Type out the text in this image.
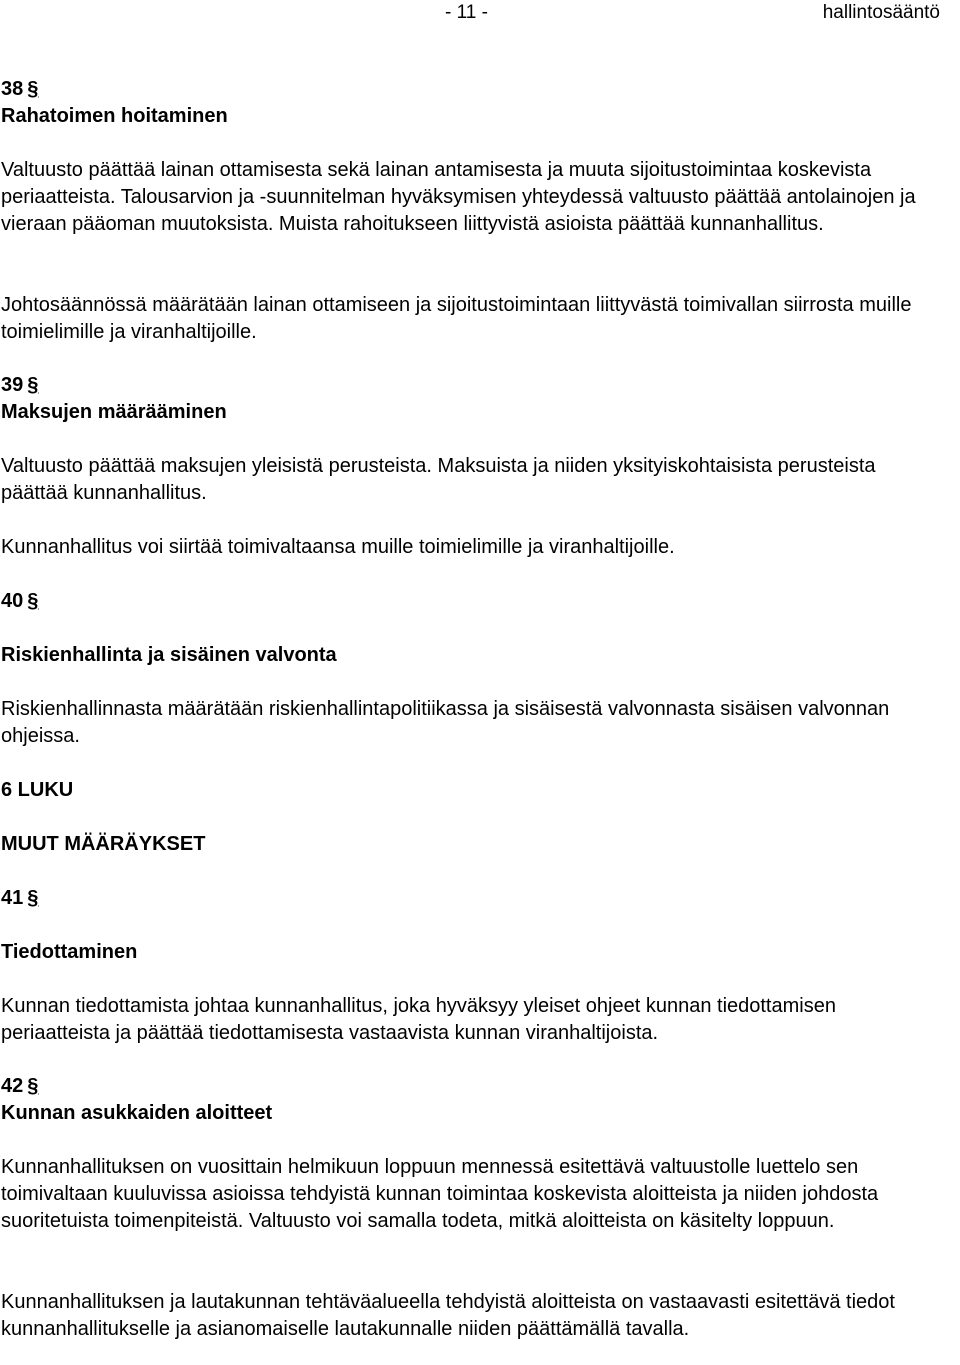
- 11 -	hallintosääntö
38 §
Rahatoimen hoitaminen

Valtuusto päättää lainan ottamisesta sekä lainan antamisesta ja muuta sijoitustoimintaa koskevista periaatteista. Talousarvion ja -suunnitelman hyväksymisen yhteydessä valtuusto päättää antolainojen ja vieraan pääoman muutoksista. Muista rahoitukseen liittyvistä asioista päättää kunnanhallitus.

Johtosäännössä määrätään lainan ottamiseen ja sijoitustoimintaan liittyvästä toimivallan siirrosta muille toimielimille ja viranhaltijoille.

39 §
Maksujen määrääminen

Valtuusto päättää maksujen yleisistä perusteista. Maksuista ja niiden yksityiskohtaisista perusteista päättää kunnanhallitus.

Kunnanhallitus voi siirtää toimivaltaansa muille toimielimille ja viranhaltijoille.

40 §
Riskienhallinta ja sisäinen valvonta

Riskienhallinnasta määrätään riskienhallintapolitiikassa ja sisäisestä valvonnasta sisäisen valvonnan ohjeissa.

6 LUKU
MUUT MÄÄRÄYKSET
41 §
Tiedottaminen

Kunnan tiedottamista johtaa kunnanhallitus, joka hyväksyy yleiset ohjeet kunnan tiedottamisen periaatteista ja päättää tiedottamisesta vastaavista kunnan viranhaltijoista.

42 §
Kunnan asukkaiden aloitteet

Kunnanhallituksen on vuosittain helmikuun loppuun mennessä esitettävä valtuustolle luettelo sen toimivaltaan kuuluvissa asioissa tehdyistä kunnan toimintaa koskevista aloitteista ja niiden johdosta suoritetuista toimenpiteistä. Valtuusto voi samalla todeta, mitkä aloitteista on käsitelty loppuun.

Kunnanhallituksen ja lautakunnan tehtäväalueella tehdyistä aloitteista on vastaavasti esitettävä tiedot kunnanhallitukselle ja asianomaiselle lautakunnalle niiden päättämällä tavalla.
